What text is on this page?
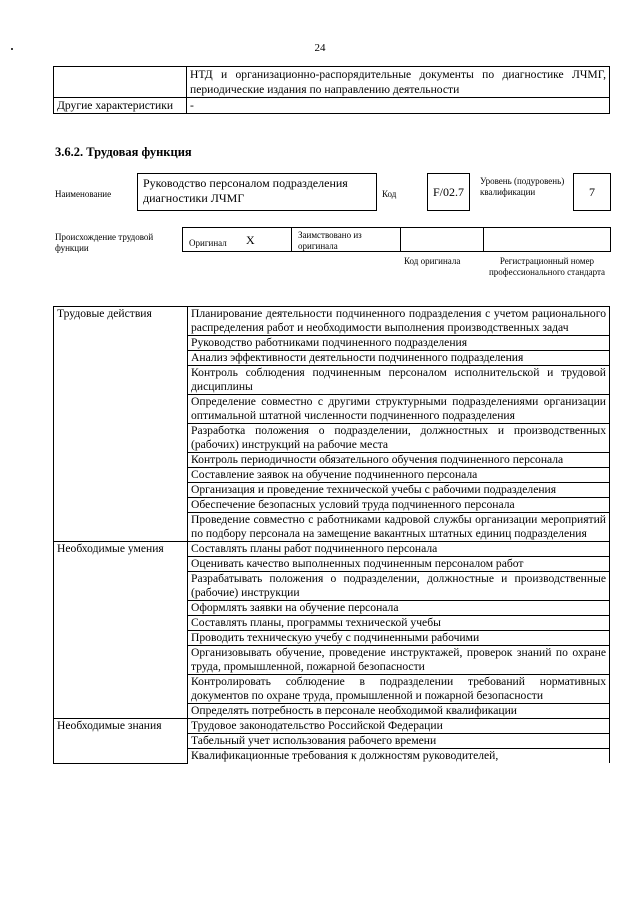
24
	НТД и организационно-распорядительные документы по диагностике ЛЧМГ, периодические издания по направлению деятельности
Другие характеристики	-
3.6.2. Трудовая функция
Наименование
Руководство персоналом подразделения диагностики ЛЧМГ	Код	F/02.7
Уровень (подуровень) квалификации	7
Происхождение трудовой функции	Оригинал X	Заимствовано из оригинала
Код оригинала	Регистрационный номер профессионального стандарта
Трудовые действия	Планирование деятельности подчиненного подразделения с учетом рационального распределения работ и необходимости выполнения производственных задач
	Руководство работниками подчиненного подразделения
	Анализ эффективности деятельности подчиненного подразделения
	Контроль соблюдения подчиненным персоналом исполнительской и трудовой дисциплины
	Определение совместно с другими структурными подразделениями организации оптимальной штатной численности подчиненного подразделения
	Разработка положения о подразделении, должностных и производственных (рабочих) инструкций на рабочие места
	Контроль периодичности обязательного обучения подчиненного персонала
	Составление заявок на обучение подчиненного персонала
	Организация и проведение технической учебы с рабочими подразделения
	Обеспечение безопасных условий труда подчиненного персонала
	Проведение совместно с работниками кадровой службы организации мероприятий по подбору персонала на замещение вакантных штатных единиц подразделения
Необходимые умения	Составлять планы работ подчиненного персонала
	Оценивать качество выполненных подчиненным персоналом работ
	Разрабатывать положения о подразделении, должностные и производственные (рабочие) инструкции
	Оформлять заявки на обучение персонала
	Составлять планы, программы технической учебы
	Проводить техническую учебу с подчиненными рабочими
	Организовывать обучение, проведение инструктажей, проверок знаний по охране труда, промышленной, пожарной безопасности
	Контролировать соблюдение в подразделении требований нормативных документов по охране труда, промышленной и пожарной безопасности
	Определять потребность в персонале необходимой квалификации
Необходимые знания	Трудовое законодательство Российской Федерации
	Табельный учет использования рабочего времени
	Квалификационные требования к должностям руководителей,
